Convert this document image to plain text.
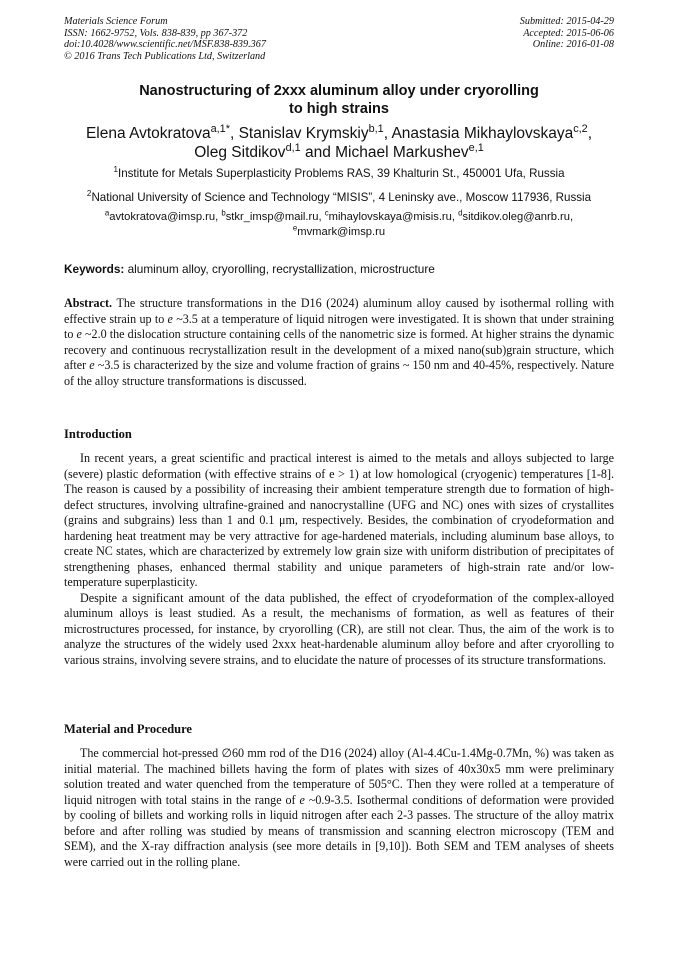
Materials Science Forum
ISSN: 1662-9752, Vols. 838-839, pp 367-372
doi:10.4028/www.scientific.net/MSF.838-839.367
© 2016 Trans Tech Publications Ltd, Switzerland
Submitted: 2015-04-29
Accepted: 2015-06-06
Online: 2016-01-08
Nanostructuring of 2xxx aluminum alloy under cryorolling
to high strains
Elena Avtokratova$^{a,1*}$, Stanislav Krymskiy$^{b,1}$, Anastasia Mikhaylovskaya$^{c,2}$,
Oleg Sitdikov$^{d,1}$ and Michael Markushev$^{e,1}$
$^1$Institute for Metals Superplasticity Problems RAS, 39 Khalturin St., 450001 Ufa, Russia
$^2$National University of Science and Technology “MISIS”, 4 Leninsky ave., Moscow 117936, Russia
$^a$avtokratova@imsp.ru, $^b$stkr_imsp@mail.ru, $^c$mihaylovskaya@misis.ru, $^d$sitdikov.oleg@anrb.ru,
$^e$mvmark@imsp.ru
Keywords: aluminum alloy, cryorolling, recrystallization, microstructure

Abstract. The structure transformations in the D16 (2024) aluminum alloy caused by isothermal rolling with effective strain up to e ~3.5 at a temperature of liquid nitrogen were investigated. It is shown that under straining to e ~2.0 the dislocation structure containing cells of the nanometric size is formed. At higher strains the dynamic recovery and continuous recrystallization result in the development of a mixed nano(sub)grain structure, which after e ~3.5 is characterized by the size and volume fraction of grains ~ 150 nm and 40-45%, respectively. Nature of the alloy structure transformations is discussed.

Introduction

In recent years, a great scientific and practical interest is aimed to the metals and alloys subjected to large (severe) plastic deformation (with effective strains of e > 1) at low homological (cryogenic) temperatures [1-8]. The reason is caused by a possibility of increasing their ambient temperature strength due to formation of high-defect structures, involving ultrafine-grained and nanocrystalline (UFG and NC) ones with sizes of crystallites (grains and subgrains) less than 1 and 0.1 μm, respectively. Besides, the combination of cryodeformation and hardening heat treatment may be very attractive for age-hardened materials, including aluminum base alloys, to create NC states, which are characterized by extremely low grain size with uniform distribution of precipitates of strengthening phases, enhanced thermal stability and unique parameters of high-strain rate and/or low-temperature superplasticity.

Despite a significant amount of the data published, the effect of cryodeformation of the complex-alloyed aluminum alloys is least studied. As a result, the mechanisms of formation, as well as features of their microstructures processed, for instance, by cryorolling (CR), are still not clear. Thus, the aim of the work is to analyze the structures of the widely used 2xxx heat-hardenable aluminum alloy before and after cryorolling to various strains, involving severe strains, and to elucidate the nature of processes of its structure transformations.

Material and Procedure

The commercial hot-pressed ∅60 mm rod of the D16 (2024) alloy (Al-4.4Cu-1.4Mg-0.7Mn, %) was taken as initial material. The machined billets having the form of plates with sizes of 40x30x5 mm were preliminary solution treated and water quenched from the temperature of 505°C. Then they were rolled at a temperature of liquid nitrogen with total stains in the range of e ~0.9-3.5. Isothermal conditions of deformation were provided by cooling of billets and working rolls in liquid nitrogen after each 2-3 passes. The structure of the alloy matrix before and after rolling was studied by means of transmission and scanning electron microscopy (TEM and SEM), and the X-ray diffraction analysis (see more details in [9,10]). Both SEM and TEM analyses of sheets were carried out in the rolling plane.
